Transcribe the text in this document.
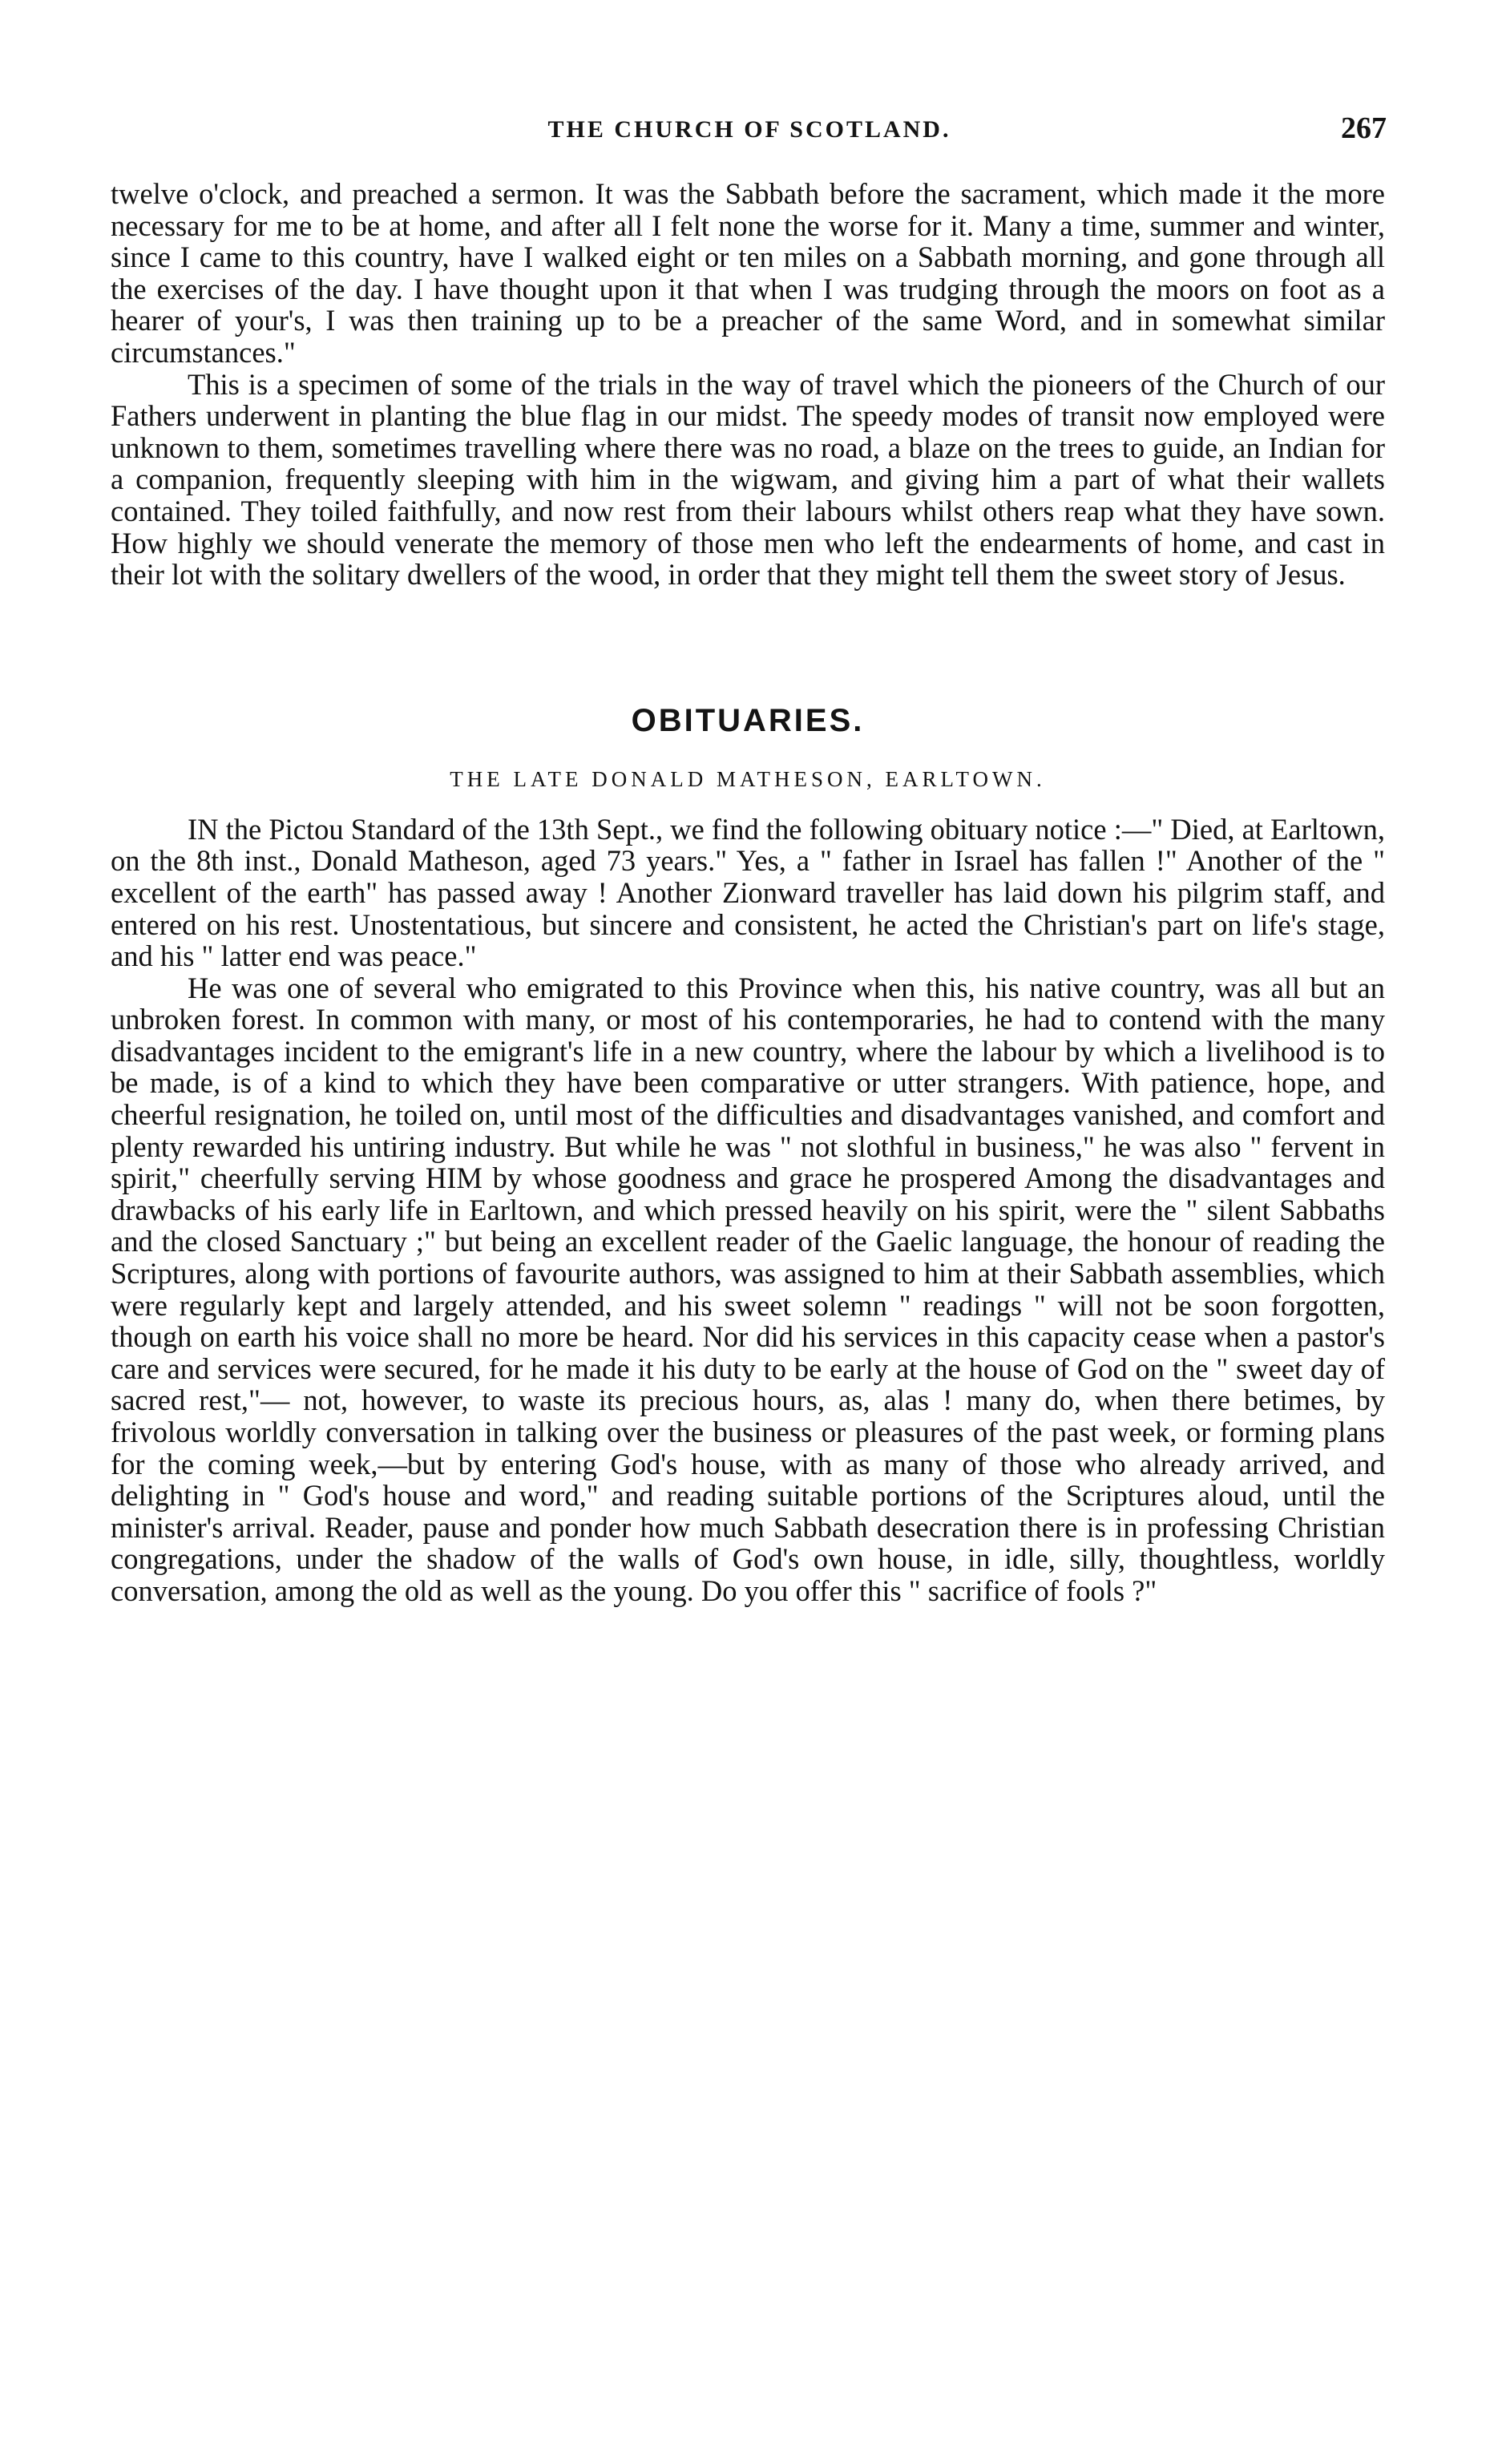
THE CHURCH OF SCOTLAND.	267

twelve o'clock, and preached a sermon. It was the Sabbath before the sacrament, which made it the more necessary for me to be at home, and after all I felt none the worse for it. Many a time, summer and winter, since I came to this country, have I walked eight or ten miles on a Sabbath morning, and gone through all the exercises of the day. I have thought upon it that when I was trudging through the moors on foot as a hearer of your's, I was then training up to be a preacher of the same Word, and in somewhat similar circumstances."

This is a specimen of some of the trials in the way of travel which the pioneers of the Church of our Fathers underwent in planting the blue flag in our midst. The speedy modes of transit now employed were unknown to them, sometimes travelling where there was no road, a blaze on the trees to guide, an Indian for a companion, frequently sleeping with him in the wigwam, and giving him a part of what their wallets contained. They toiled faithfully, and now rest from their labours whilst others reap what they have sown. How highly we should venerate the memory of those men who left the endearments of home, and cast in their lot with the solitary dwellers of the wood, in order that they might tell them the sweet story of Jesus.

OBITUARIES.
THE LATE DONALD MATHESON, EARLTOWN.

IN the Pictou Standard of the 13th Sept., we find the following obituary notice :—" Died, at Earltown, on the 8th inst., Donald Matheson, aged 73 years." Yes, a " father in Israel has fallen !" Another of the " excellent of the earth" has passed away ! Another Zionward traveller has laid down his pilgrim staff, and entered on his rest. Unostentatious, but sincere and consistent, he acted the Christian's part on life's stage, and his " latter end was peace."

He was one of several who emigrated to this Province when this, his native country, was all but an unbroken forest. In common with many, or most of his contemporaries, he had to contend with the many disadvantages incident to the emigrant's life in a new country, where the labour by which a livelihood is to be made, is of a kind to which they have been comparative or utter strangers. With patience, hope, and cheerful resignation, he toiled on, until most of the difficulties and disadvantages vanished, and comfort and plenty rewarded his untiring industry. But while he was " not slothful in business," he was also " fervent in spirit," cheerfully serving HIM by whose goodness and grace he prospered Among the disadvantages and drawbacks of his early life in Earltown, and which pressed heavily on his spirit, were the " silent Sabbaths and the closed Sanctuary ;" but being an excellent reader of the Gaelic language, the honour of reading the Scriptures, along with portions of favourite authors, was assigned to him at their Sabbath assemblies, which were regularly kept and largely attended, and his sweet solemn " readings " will not be soon forgotten, though on earth his voice shall no more be heard. Nor did his services in this capacity cease when a pastor's care and services were secured, for he made it his duty to be early at the house of God on the " sweet day of sacred rest,"— not, however, to waste its precious hours, as, alas ! many do, when there betimes, by frivolous worldly conversation in talking over the business or pleasures of the past week, or forming plans for the coming week,—but by entering God's house, with as many of those who already arrived, and delighting in " God's house and word," and reading suitable portions of the Scriptures aloud, until the minister's arrival. Reader, pause and ponder how much Sabbath desecration there is in professing Christian congregations, under the shadow of the walls of God's own house, in idle, silly, thoughtless, worldly conversation, among the old as well as the young. Do you offer this " sacrifice of fools ?"
